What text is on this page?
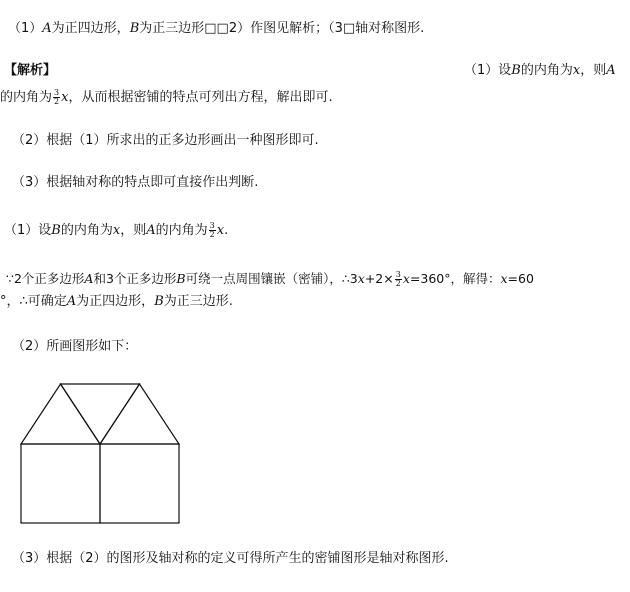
（1）A为正四边形，B为正三边形□□2）作图见解析；（3□轴对称图形.
【解析】	（1）设B的内角为x，则A
的内角为 $\frac{3}{2}$ x，从而根据密铺的特点可列出方程，解出即可.
（2）根据（1）所求出的正多边形画出一种图形即可.
（3）根据轴对称的特点即可直接作出判断.
（1）设B的内角为x，则A的内角为 $\frac{3}{2} x$.
∵2个正多边形A和3个正多边形B可绕一点周围镶嵌（密铺），∴3x+2× $\frac{3}{2} x=360^\circ$，解得：x=60
°，∴可确定A为正四边形，B为正三边形.
（2）所画图形如下：
（3）根据（2）的图形及轴对称的定义可得所产生的密铺图形是轴对称图形.
